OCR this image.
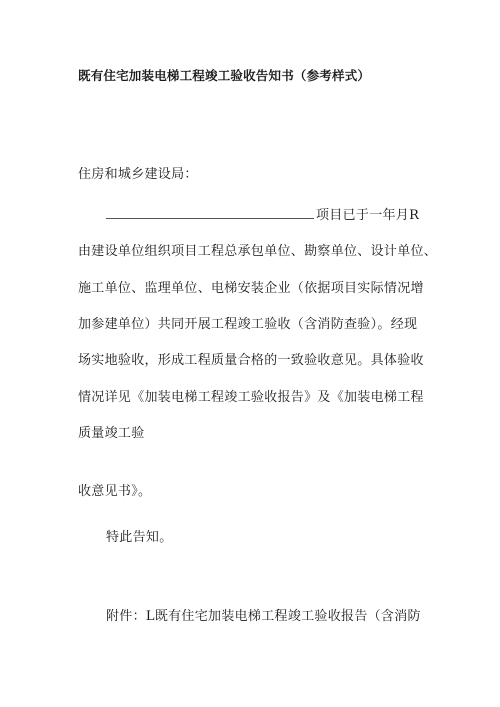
既有住宅加装电梯工程竣工验收告知书（参考样式）
住房和城乡建设局：
项目已于一年月R
由建设单位组织项目工程总承包单位、勘察单位、设计单位、
施工单位、监理单位、电梯安装企业（依据项目实际情况增
加参建单位）共同开展工程竣工验收（含消防查验）。经现
场实地验收，形成工程质量合格的一致验收意见。具体验收
情况详见《加装电梯工程竣工验收报告》及《加装电梯工程
质量竣工验
收意见书》。
特此告知。
附件：L既有住宅加装电梯工程竣工验收报告（含消防
